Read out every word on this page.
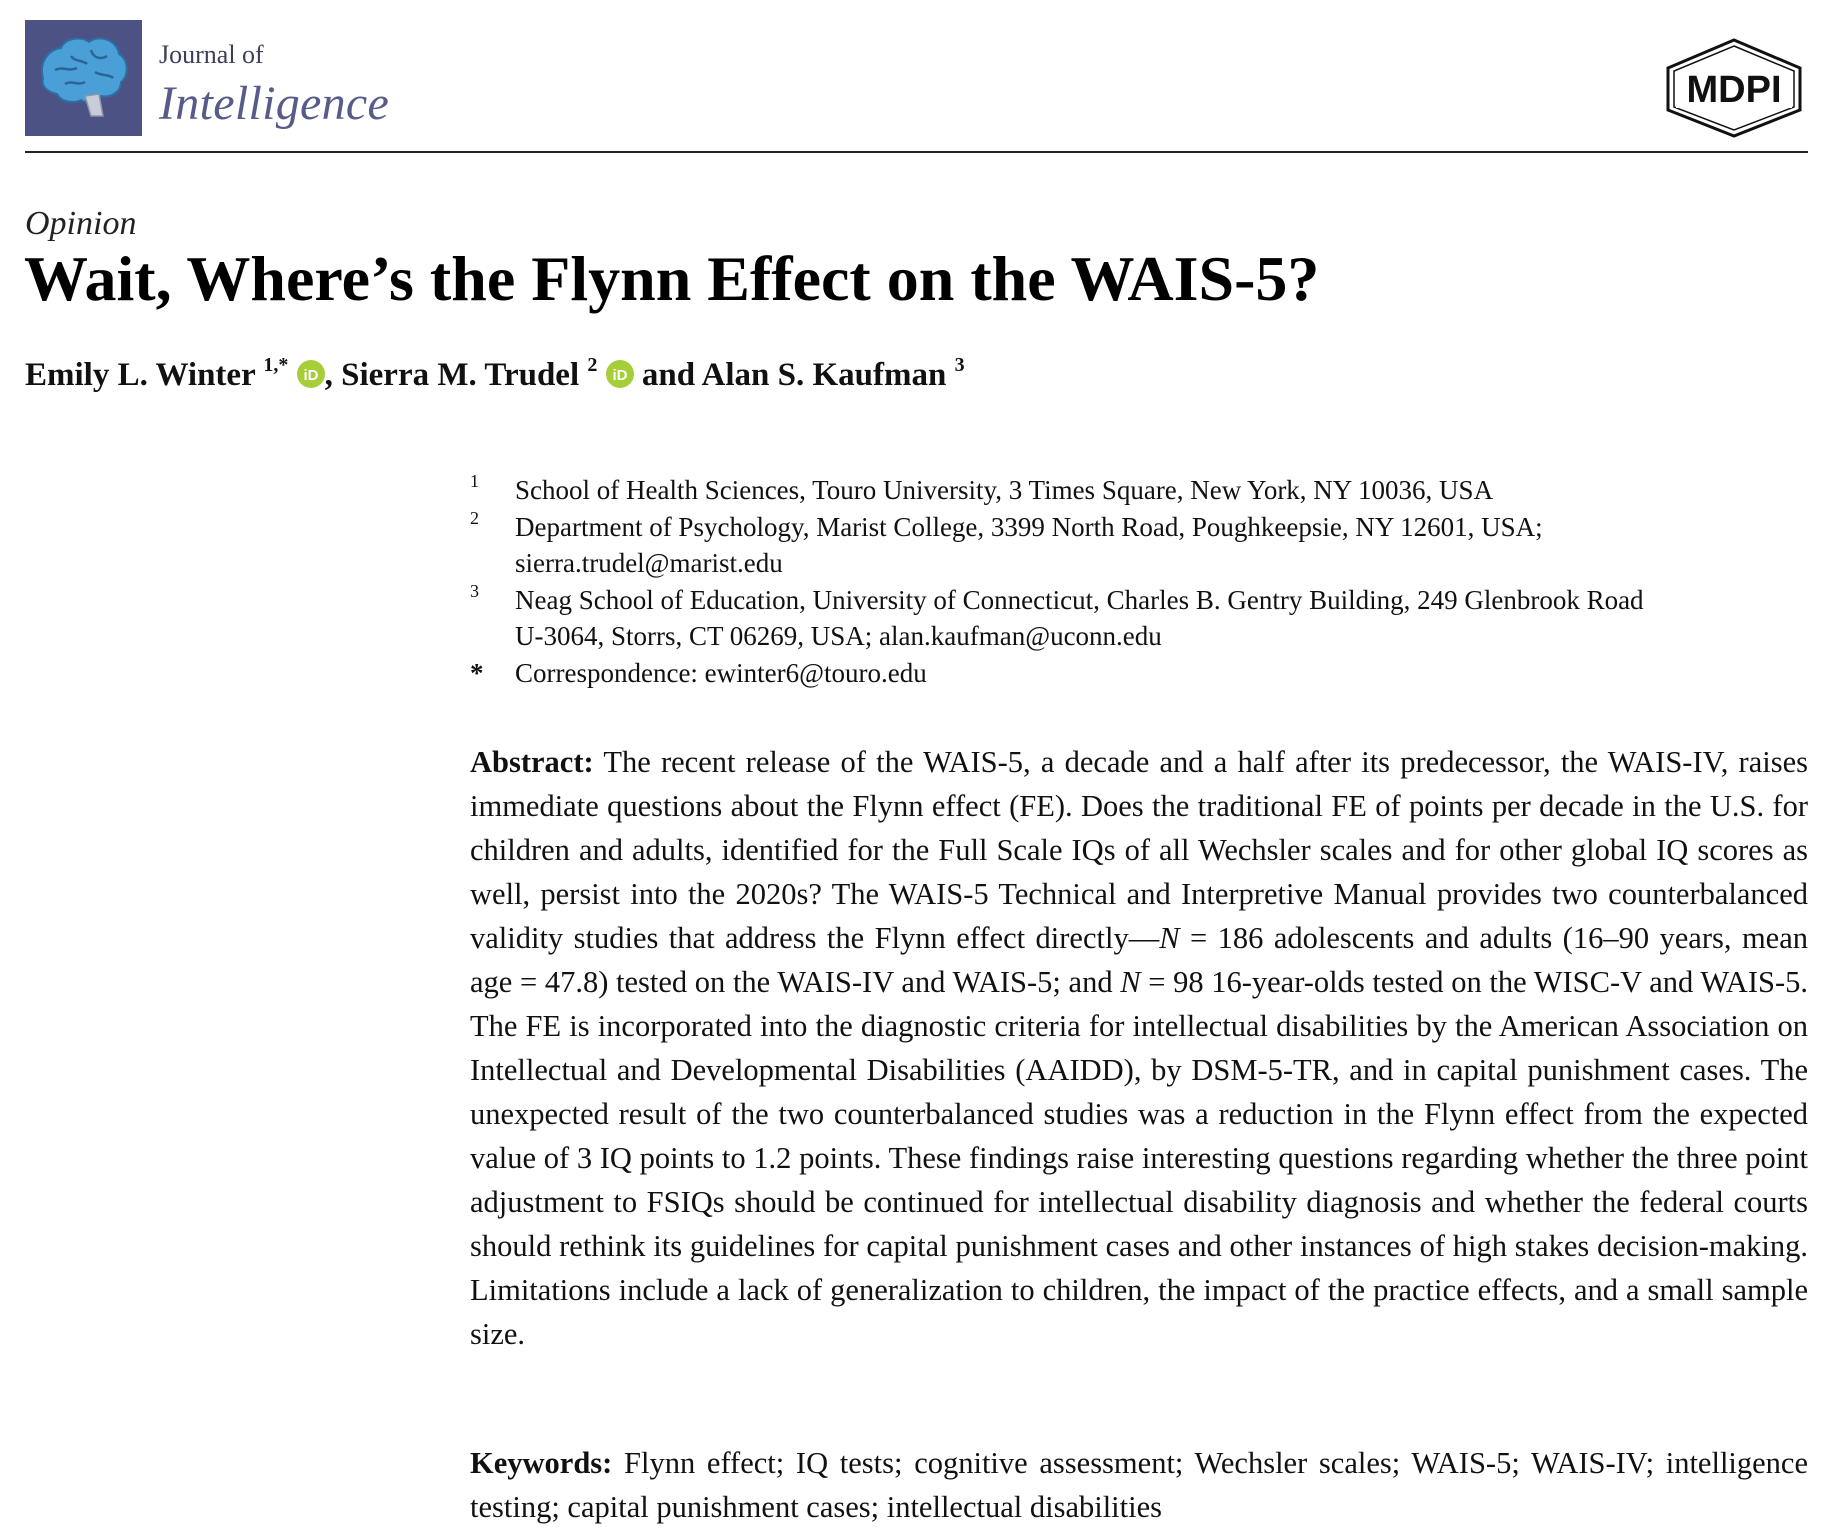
Journal of
Intelligence	MDPI
Opinion
Wait, Where’s the Flynn Effect on the WAIS-5?
Emily L. Winter $^{1,*}$ iD , Sierra M. Trudel $^2$ iD and Alan S. Kaufman $^3$
1 School of Health Sciences, Touro University, 3 Times Square, New York, NY 10036, USA
2 Department of Psychology, Marist College, 3399 North Road, Poughkeepsie, NY 12601, USA;
sierra.trudel@marist.edu
3 Neag School of Education, University of Connecticut, Charles B. Gentry Building, 249 Glenbrook Road
U-3064, Storrs, CT 06269, USA; alan.kaufman@uconn.edu
* Correspondence: ewinter6@touro.edu

Abstract: The recent release of the WAIS-5, a decade and a half after its predecessor, the WAIS-IV, raises immediate questions about the Flynn effect (FE). Does the traditional FE of points per decade in the U.S. for children and adults, identified for the Full Scale IQs of all Wechsler scales and for other global IQ scores as well, persist into the 2020s? The WAIS-5 Technical and Interpretive Manual provides two counterbalanced validity studies that address the Flynn effect directly—N = 186 adolescents and adults (16–90 years, mean age = 47.8) tested on the WAIS-IV and WAIS-5; and N = 98 16-year-olds tested on the WISC-V and WAIS-5. The FE is incorporated into the diagnostic criteria for intellectual disabilities by the American Association on Intellectual and Developmental Disabilities (AAIDD), by DSM-5-TR, and in capital punishment cases. The unexpected result of the two counterbalanced studies was a reduction in the Flynn effect from the expected value of 3 IQ points to 1.2 points. These findings raise interesting questions regarding whether the three point adjustment to FSIQs should be continued for intellectual disability diagnosis and whether the federal courts should rethink its guidelines for capital punishment cases and other instances of high stakes decision-making. Limitations include a lack of generalization to children, the impact of the practice effects, and a small sample size.

Keywords: Flynn effect; IQ tests; cognitive assessment; Wechsler scales; WAIS-5; WAIS-IV; intelligence testing; capital punishment cases; intellectual disabilities
